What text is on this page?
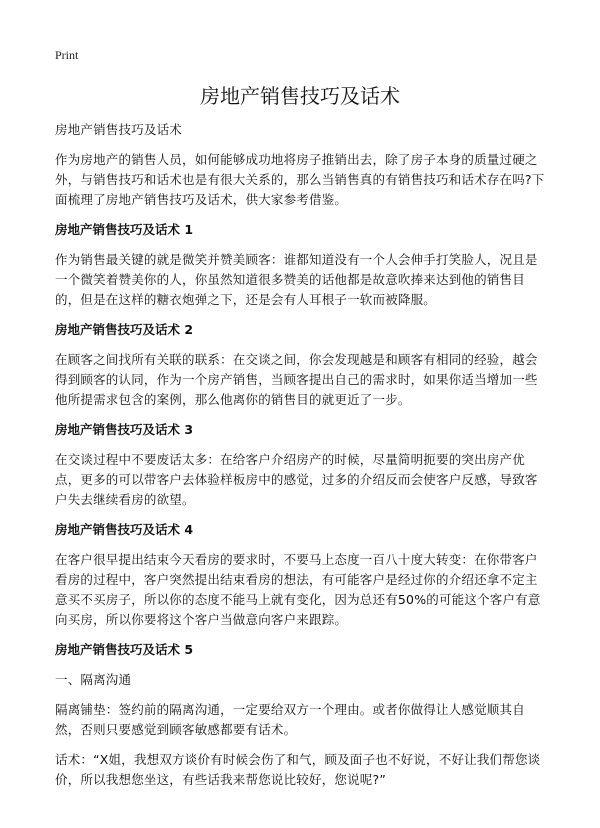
Print
房地产销售技巧及话术

房地产销售技巧及话术

作为房地产的销售人员，如何能够成功地将房子推销出去，除了房子本身的质量过硬之外，与销售技巧和话术也是有很大关系的，那么当销售真的有销售技巧和话术存在吗?下面梳理了房地产销售技巧及话术，供大家参考借鉴。

房地产销售技巧及话术 1

作为销售最关键的就是微笑并赞美顾客：谁都知道没有一个人会伸手打笑脸人，况且是一个微笑着赞美你的人，你虽然知道很多赞美的话他都是故意吹捧来达到他的销售目的，但是在这样的糖衣炮弹之下，还是会有人耳根子一软而被降服。

房地产销售技巧及话术 2

在顾客之间找所有关联的联系：在交谈之间，你会发现越是和顾客有相同的经验，越会得到顾客的认同，作为一个房产销售，当顾客提出自己的需求时，如果你适当增加一些他所提需求包含的案例，那么他离你的销售目的就更近了一步。

房地产销售技巧及话术 3

在交谈过程中不要废话太多：在给客户介绍房产的时候，尽量简明扼要的突出房产优点，更多的可以带客户去体验样板房中的感觉，过多的介绍反而会使客户反感，导致客户失去继续看房的欲望。

房地产销售技巧及话术 4

在客户很早提出结束今天看房的要求时，不要马上态度一百八十度大转变：在你带客户看房的过程中，客户突然提出结束看房的想法，有可能客户是经过你的介绍还拿不定主意买不买房子，所以你的态度不能马上就有变化，因为总还有50%的可能这个客户有意向买房，所以你要将这个客户当做意向客户来跟踪。

房地产销售技巧及话术 5

一、隔离沟通

隔离铺垫：签约前的隔离沟通，一定要给双方一个理由。或者你做得让人感觉顺其自然，否则只要感觉到顾客敏感都要有话术。

话术：“X姐，我想双方谈价有时候会伤了和气，顾及面子也不好说，不好让我们帮您谈价，所以我想您坐这，有些话我来帮您说比较好，您说呢?”
